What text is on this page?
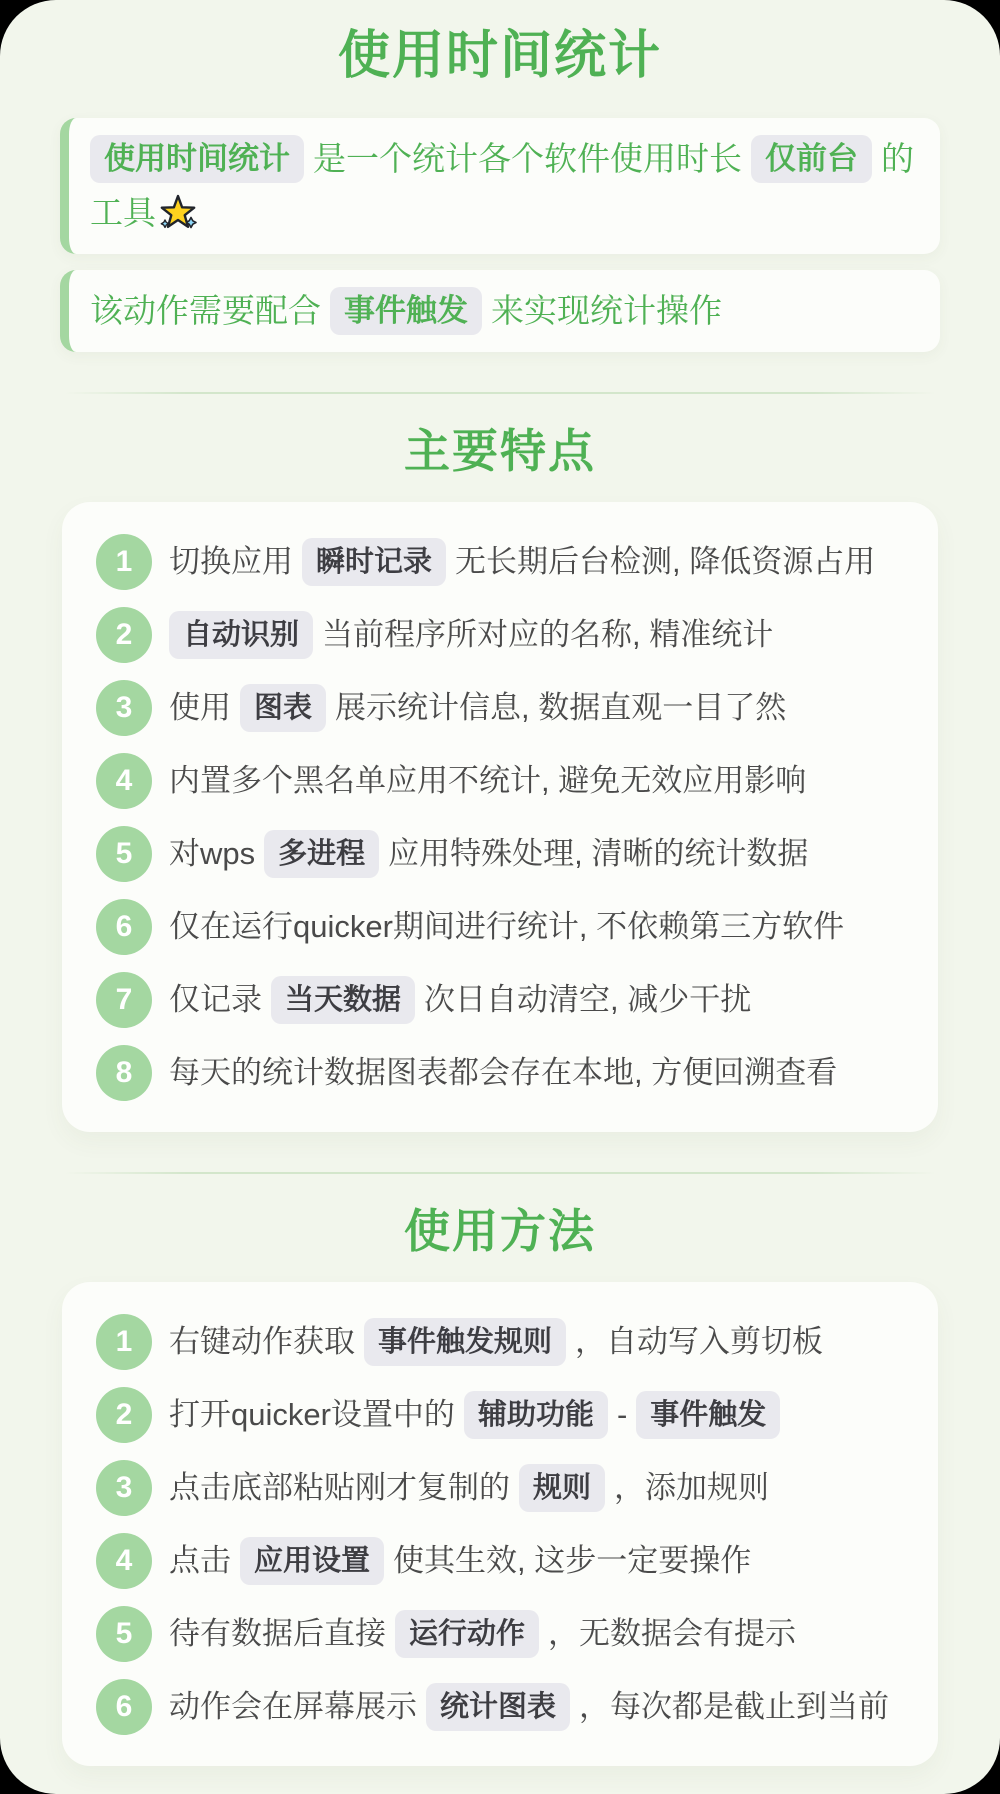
使用时间统计
使用时间统计 是一个统计各个软件使用时长 仅前台 的工具
该动作需要配合 事件触发 来实现统计操作
主要特点
1	切换应用 瞬时记录 无长期后台检测, 降低资源占用
2	自动识别 当前程序所对应的名称, 精准统计
3	使用 图表 展示统计信息, 数据直观一目了然
4	内置多个黑名单应用不统计, 避免无效应用影响
5	对wps 多进程 应用特殊处理, 清晰的统计数据
6	仅在运行quicker期间进行统计, 不依赖第三方软件
7	仅记录 当天数据 次日自动清空, 减少干扰
8	每天的统计数据图表都会存在本地, 方便回溯查看
使用方法
1	右键动作获取 事件触发规则 ，自动写入剪切板
2	打开quicker设置中的 辅助功能 - 事件触发
3	点击底部粘贴刚才复制的 规则 ，添加规则
4	点击 应用设置 使其生效, 这步一定要操作
5	待有数据后直接 运行动作 ，无数据会有提示
6	动作会在屏幕展示 统计图表 ，每次都是截止到当前
